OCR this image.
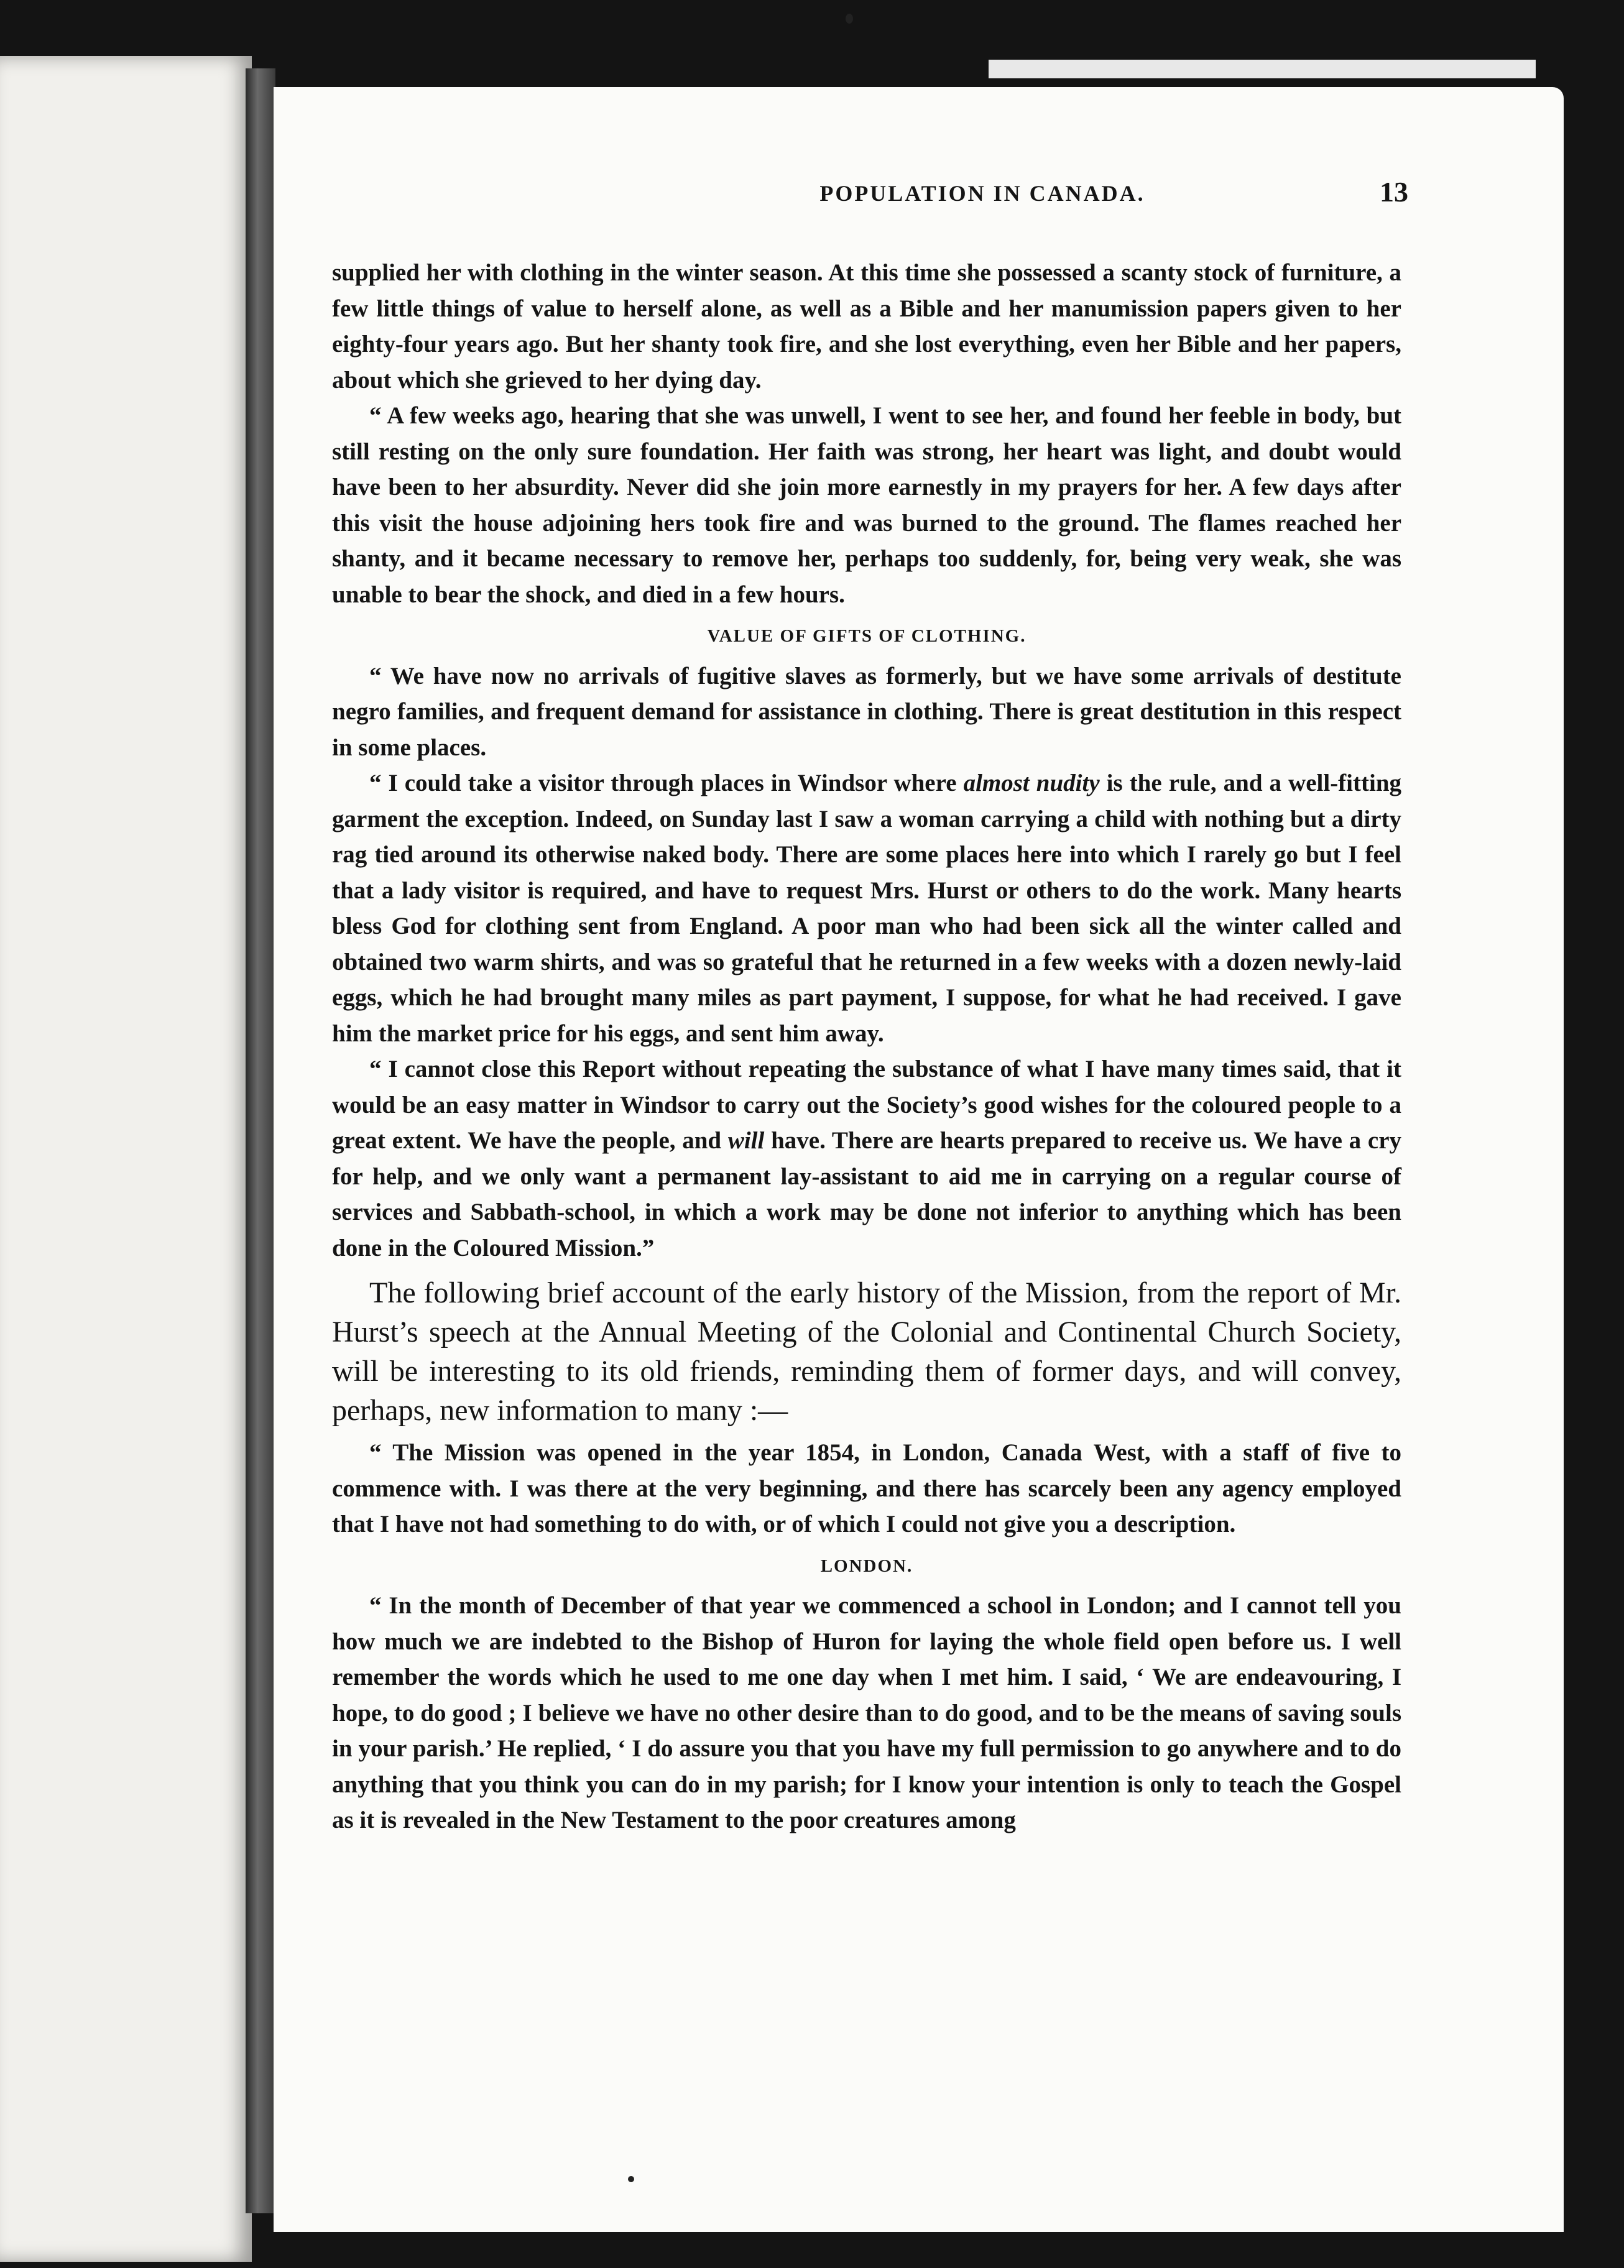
POPULATION IN CANADA.	13

supplied her with clothing in the winter season. At this time she possessed a scanty stock of furniture, a few little things of value to herself alone, as well as a Bible and her manumission papers given to her eighty-four years ago. But her shanty took fire, and she lost everything, even her Bible and her papers, about which she grieved to her dying day.

“ A few weeks ago, hearing that she was unwell, I went to see her, and found her feeble in body, but still resting on the only sure foundation. Her faith was strong, her heart was light, and doubt would have been to her absurdity. Never did she join more earnestly in my prayers for her. A few days after this visit the house adjoining hers took fire and was burned to the ground. The flames reached her shanty, and it became necessary to remove her, perhaps too suddenly, for, being very weak, she was unable to bear the shock, and died in a few hours.

VALUE OF GIFTS OF CLOTHING.

“ We have now no arrivals of fugitive slaves as formerly, but we have some arrivals of destitute negro families, and frequent demand for assistance in clothing. There is great destitution in this respect in some places.

“ I could take a visitor through places in Windsor where almost nudity is the rule, and a well-fitting garment the exception. Indeed, on Sunday last I saw a woman carrying a child with nothing but a dirty rag tied around its otherwise naked body. There are some places here into which I rarely go but I feel that a lady visitor is required, and have to request Mrs. Hurst or others to do the work. Many hearts bless God for clothing sent from England. A poor man who had been sick all the winter called and obtained two warm shirts, and was so grateful that he returned in a few weeks with a dozen newly-laid eggs, which he had brought many miles as part payment, I suppose, for what he had received. I gave him the market price for his eggs, and sent him away.

“ I cannot close this Report without repeating the substance of what I have many times said, that it would be an easy matter in Windsor to carry out the Society’s good wishes for the coloured people to a great extent. We have the people, and will have. There are hearts prepared to receive us. We have a cry for help, and we only want a permanent lay-assistant to aid me in carrying on a regular course of services and Sabbath-school, in which a work may be done not inferior to anything which has been done in the Coloured Mission.”

The following brief account of the early history of the Mission, from the report of Mr. Hurst’s speech at the Annual Meeting of the Colonial and Continental Church Society, will be interesting to its old friends, reminding them of former days, and will convey, perhaps, new information to many :—

“ The Mission was opened in the year 1854, in London, Canada West, with a staff of five to commence with. I was there at the very beginning, and there has scarcely been any agency employed that I have not had something to do with, or of which I could not give you a description.

LONDON.

“ In the month of December of that year we commenced a school in London; and I cannot tell you how much we are indebted to the Bishop of Huron for laying the whole field open before us. I well remember the words which he used to me one day when I met him. I said, ‘ We are endeavouring, I hope, to do good ; I believe we have no other desire than to do good, and to be the means of saving souls in your parish.’ He replied, ‘ I do assure you that you have my full permission to go anywhere and to do anything that you think you can do in my parish; for I know your intention is only to teach the Gospel as it is revealed in the New Testament to the poor creatures among
